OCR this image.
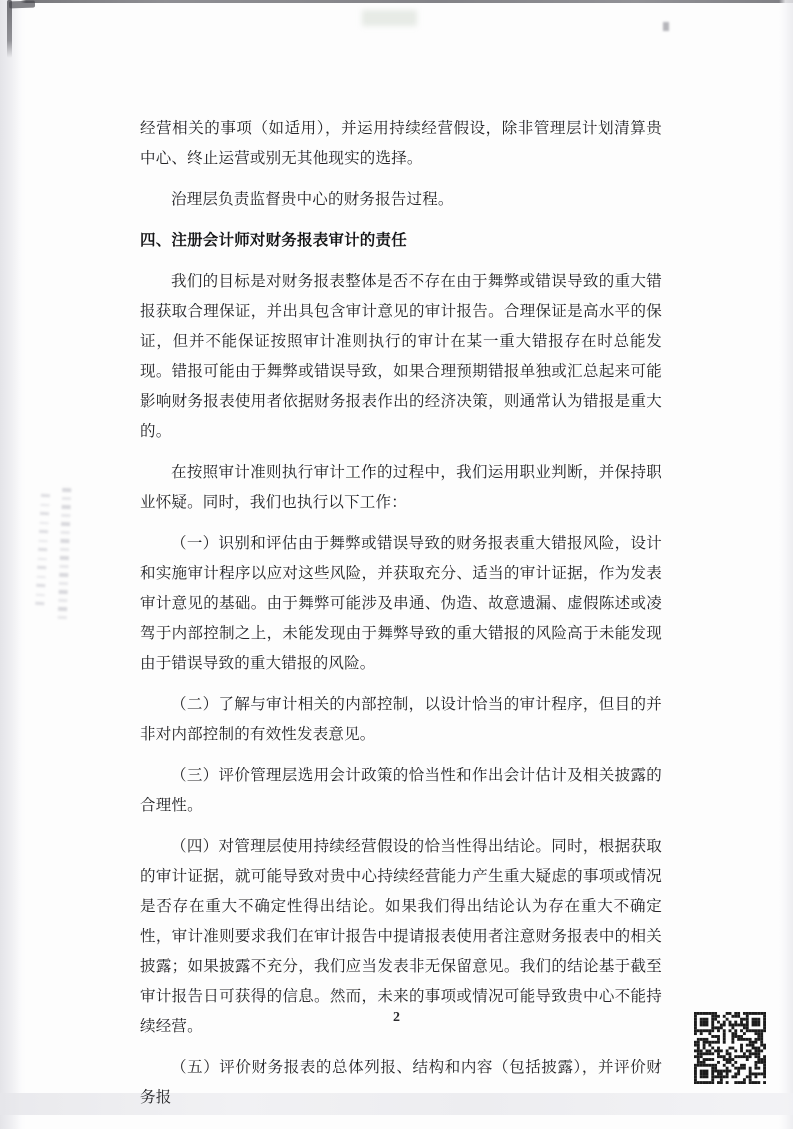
经营相关的事项（如适用），并运用持续经营假设，除非管理层计划清算贵中心、终止运营或别无其他现实的选择。

治理层负责监督贵中心的财务报告过程。

四、注册会计师对财务报表审计的责任

我们的目标是对财务报表整体是否不存在由于舞弊或错误导致的重大错报获取合理保证，并出具包含审计意见的审计报告。合理保证是高水平的保证，但并不能保证按照审计准则执行的审计在某一重大错报存在时总能发现。错报可能由于舞弊或错误导致，如果合理预期错报单独或汇总起来可能影响财务报表使用者依据财务报表作出的经济决策，则通常认为错报是重大的。

在按照审计准则执行审计工作的过程中，我们运用职业判断，并保持职业怀疑。同时，我们也执行以下工作：

（一）识别和评估由于舞弊或错误导致的财务报表重大错报风险，设计和实施审计程序以应对这些风险，并获取充分、适当的审计证据，作为发表审计意见的基础。由于舞弊可能涉及串通、伪造、故意遗漏、虚假陈述或凌驾于内部控制之上，未能发现由于舞弊导致的重大错报的风险高于未能发现由于错误导致的重大错报的风险。

（二）了解与审计相关的内部控制，以设计恰当的审计程序，但目的并非对内部控制的有效性发表意见。

（三）评价管理层选用会计政策的恰当性和作出会计估计及相关披露的合理性。

（四）对管理层使用持续经营假设的恰当性得出结论。同时，根据获取的审计证据，就可能导致对贵中心持续经营能力产生重大疑虑的事项或情况是否存在重大不确定性得出结论。如果我们得出结论认为存在重大不确定性，审计准则要求我们在审计报告中提请报表使用者注意财务报表中的相关披露；如果披露不充分，我们应当发表非无保留意见。我们的结论基于截至审计报告日可获得的信息。然而，未来的事项或情况可能导致贵中心不能持续经营。

（五）评价财务报表的总体列报、结构和内容（包括披露），并评价财务报

2
